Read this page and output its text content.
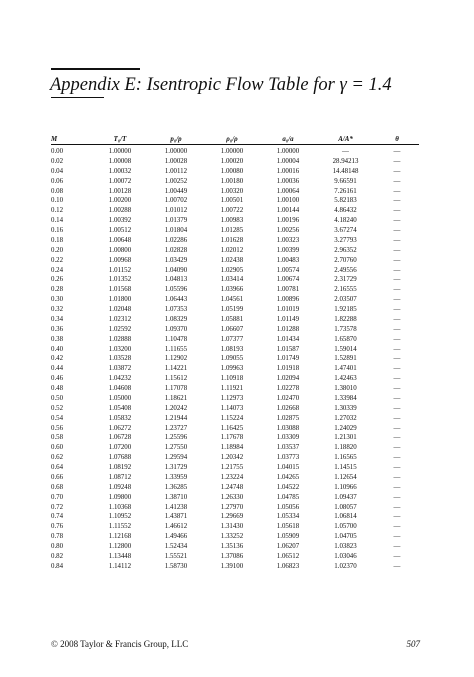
Appendix E: Isentropic Flow Table for γ = 1.4
M	T₀/T	p₀/p	ρ₀/ρ	a₀/a	A/A*	θ

0.00	1.00000	1.00000	1.00000	1.00000	—	—
0.02	1.00008	1.00028	1.00020	1.00004	28.94213	—
0.04	1.00032	1.00112	1.00080	1.00016	14.48148	—
0.06	1.00072	1.00252	1.00180	1.00036	9.66591	—
0.08	1.00128	1.00449	1.00320	1.00064	7.26161	—
0.10	1.00200	1.00702	1.00501	1.00100	5.82183	—
0.12	1.00288	1.01012	1.00722	1.00144	4.86432	—
0.14	1.00392	1.01379	1.00983	1.00196	4.18240	—
0.16	1.00512	1.01804	1.01285	1.00256	3.67274	—
0.18	1.00648	1.02286	1.01628	1.00323	3.27793	—
0.20	1.00800	1.02828	1.02012	1.00399	2.96352	—
0.22	1.00968	1.03429	1.02438	1.00483	2.70760	—
0.24	1.01152	1.04090	1.02905	1.00574	2.49556	—
0.26	1.01352	1.04813	1.03414	1.00674	2.31729	—
0.28	1.01568	1.05596	1.03966	1.00781	2.16555	—
0.30	1.01800	1.06443	1.04561	1.00896	2.03507	—
0.32	1.02048	1.07353	1.05199	1.01019	1.92185	—
0.34	1.02312	1.08329	1.05881	1.01149	1.82288	—
0.36	1.02592	1.09370	1.06607	1.01288	1.73578	—
0.38	1.02888	1.10478	1.07377	1.01434	1.65870	—
0.40	1.03200	1.11655	1.08193	1.01587	1.59014	—
0.42	1.03528	1.12902	1.09055	1.01749	1.52891	—
0.44	1.03872	1.14221	1.09963	1.01918	1.47401	—
0.46	1.04232	1.15612	1.10918	1.02094	1.42463	—
0.48	1.04608	1.17078	1.11921	1.02278	1.38010	—
0.50	1.05000	1.18621	1.12973	1.02470	1.33984	—
0.52	1.05408	1.20242	1.14073	1.02668	1.30339	—
0.54	1.05832	1.21944	1.15224	1.02875	1.27032	—
0.56	1.06272	1.23727	1.16425	1.03088	1.24029	—
0.58	1.06728	1.25596	1.17678	1.03309	1.21301	—
0.60	1.07200	1.27550	1.18984	1.03537	1.18820	—
0.62	1.07688	1.29594	1.20342	1.03773	1.16565	—
0.64	1.08192	1.31729	1.21755	1.04015	1.14515	—
0.66	1.08712	1.33959	1.23224	1.04265	1.12654	—
0.68	1.09248	1.36285	1.24748	1.04522	1.10966	—
0.70	1.09800	1.38710	1.26330	1.04785	1.09437	—
0.72	1.10368	1.41238	1.27970	1.05056	1.08057	—
0.74	1.10952	1.43871	1.29669	1.05334	1.06814	—
0.76	1.11552	1.46612	1.31430	1.05618	1.05700	—
0.78	1.12168	1.49466	1.33252	1.05909	1.04705	—
0.80	1.12800	1.52434	1.35136	1.06207	1.03823	—
0.82	1.13448	1.55521	1.37086	1.06512	1.03046	—
0.84	1.14112	1.58730	1.39100	1.06823	1.02370	—
© 2008 Taylor & Francis Group, LLC	507
